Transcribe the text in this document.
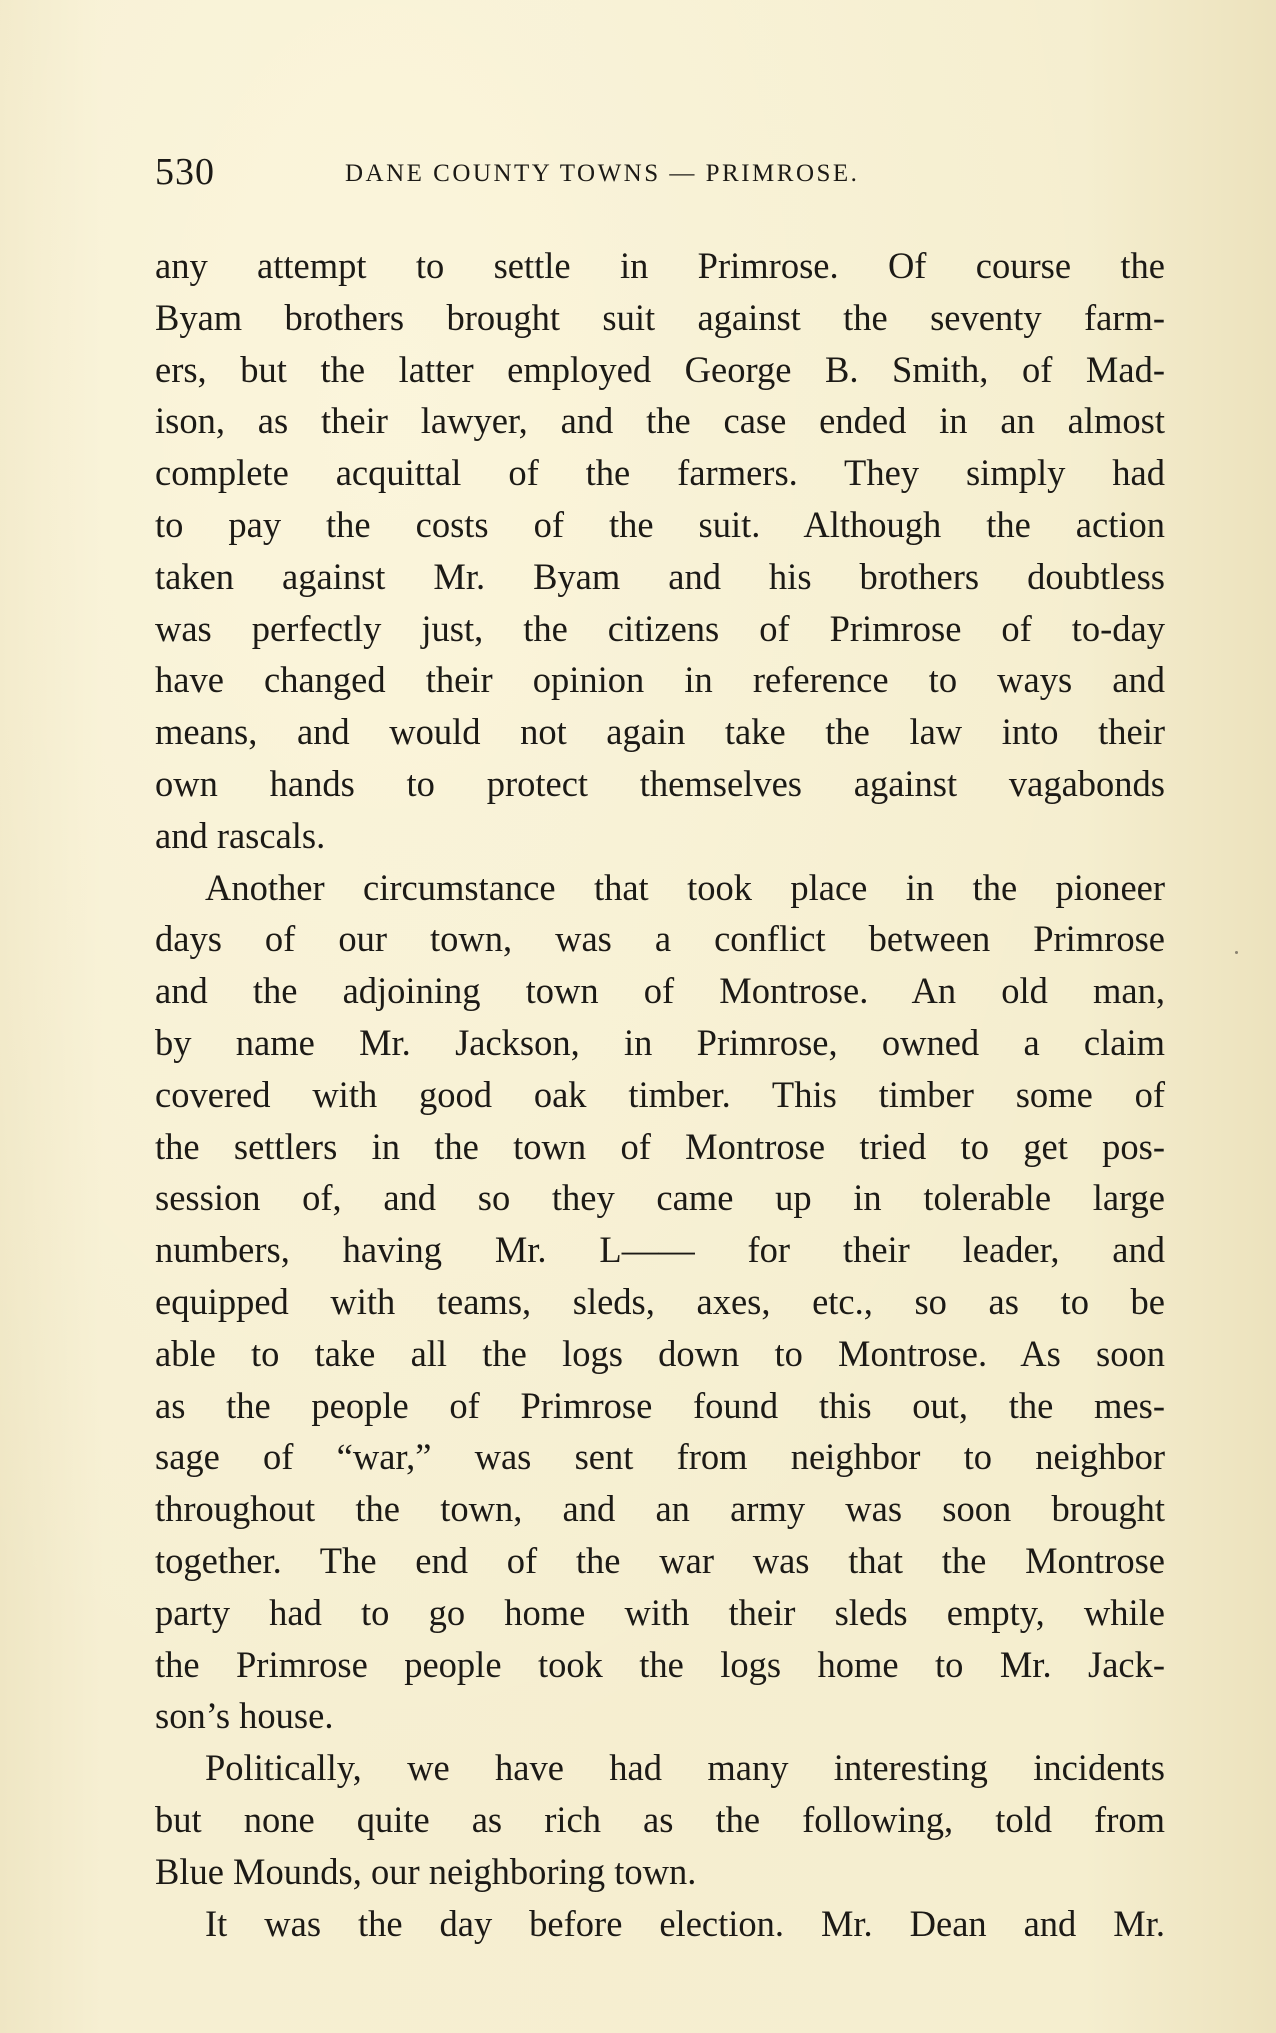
530	DANE COUNTY TOWNS — PRIMROSE.
any attempt to settle in Primrose. Of course the
Byam brothers brought suit against the seventy farm-
ers, but the latter employed George B. Smith, of Mad-
ison, as their lawyer, and the case ended in an almost
complete acquittal of the farmers. They simply had
to pay the costs of the suit. Although the action
taken against Mr. Byam and his brothers doubtless
was perfectly just, the citizens of Primrose of to-day
have changed their opinion in reference to ways and
means, and would not again take the law into their
own hands to protect themselves against vagabonds
and rascals.
Another circumstance that took place in the pioneer
days of our town, was a conflict between Primrose
and the adjoining town of Montrose. An old man,
by name Mr. Jackson, in Primrose, owned a claim
covered with good oak timber. This timber some of
the settlers in the town of Montrose tried to get pos-
session of, and so they came up in tolerable large
numbers, having Mr. L—— for their leader, and
equipped with teams, sleds, axes, etc., so as to be
able to take all the logs down to Montrose. As soon
as the people of Primrose found this out, the mes-
sage of “war,” was sent from neighbor to neighbor
throughout the town, and an army was soon brought
together. The end of the war was that the Montrose
party had to go home with their sleds empty, while
the Primrose people took the logs home to Mr. Jack-
son’s house.
Politically, we have had many interesting incidents
but none quite as rich as the following, told from
Blue Mounds, our neighboring town.
It was the day before election. Mr. Dean and Mr.
